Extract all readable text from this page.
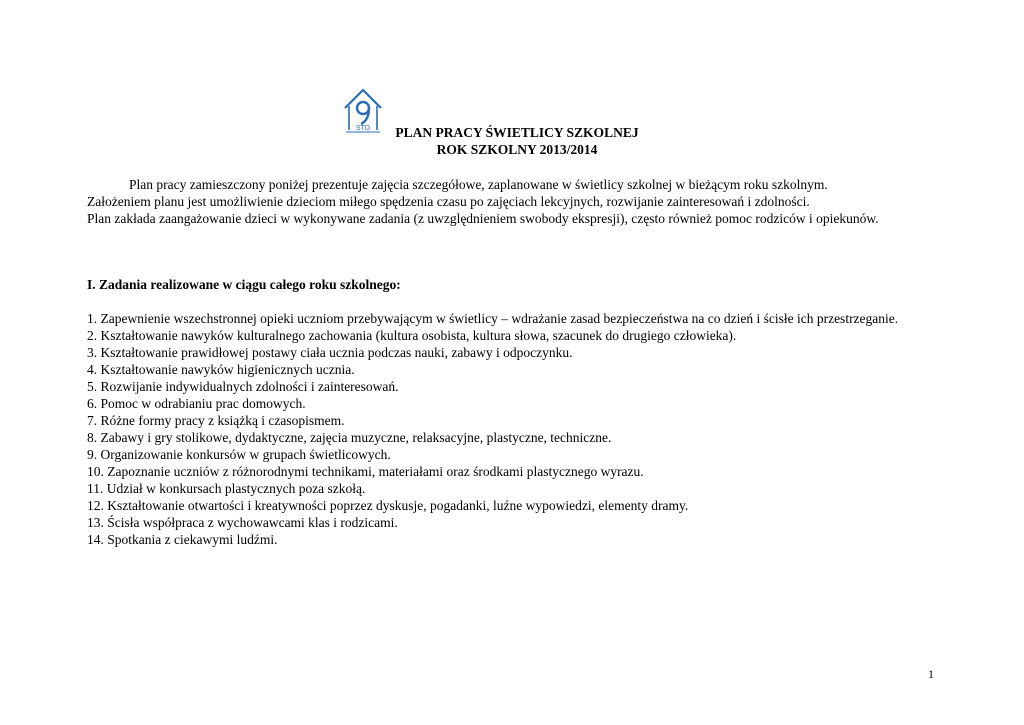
STO	PLAN PRACY ŚWIETLICY SZKOLNEJ
ROK SZKOLNY 2013/2014

Plan pracy zamieszczony poniżej prezentuje zajęcia szczegółowe, zaplanowane w świetlicy szkolnej w bieżącym roku szkolnym.

Założeniem planu jest umożliwienie dzieciom miłego spędzenia czasu po zajęciach lekcyjnych, rozwijanie zainteresowań i zdolności.

Plan zakłada zaangażowanie dzieci w wykonywane zadania (z uwzględnieniem swobody ekspresji), często również pomoc rodziców i opiekunów.

I. Zadania realizowane w ciągu całego roku szkolnego:
1. Zapewnienie wszechstronnej opieki uczniom przebywającym w świetlicy – wdrażanie zasad bezpieczeństwa na co dzień i ścisłe ich przestrzeganie.
2. Kształtowanie nawyków kulturalnego zachowania (kultura osobista, kultura słowa, szacunek do drugiego człowieka).
3. Kształtowanie prawidłowej postawy ciała ucznia podczas nauki, zabawy i odpoczynku.
4. Kształtowanie nawyków higienicznych ucznia.
5. Rozwijanie indywidualnych zdolności i zainteresowań.
6. Pomoc w odrabianiu prac domowych.
7. Różne formy pracy z książką i czasopismem.
8. Zabawy i gry stolikowe, dydaktyczne, zajęcia muzyczne, relaksacyjne, plastyczne, techniczne.
9. Organizowanie konkursów w grupach świetlicowych.
10. Zapoznanie uczniów z różnorodnymi technikami, materiałami oraz środkami plastycznego wyrazu.
11. Udział w konkursach plastycznych poza szkołą.
12. Kształtowanie otwartości i kreatywności poprzez dyskusje, pogadanki, luźne wypowiedzi, elementy dramy.
13. Ścisła współpraca z wychowawcami klas i rodzicami.
14. Spotkania z ciekawymi ludźmi.
1
